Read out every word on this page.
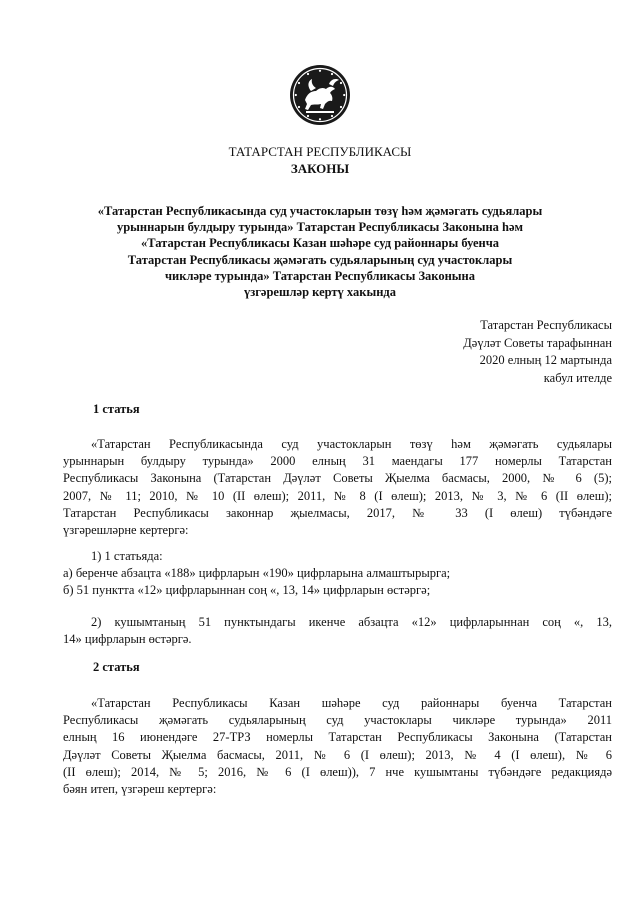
ТАТАРСТАН РЕСПУБЛИКАСЫ
ЗАКОНЫ
«Татарстан Республикасында суд участокларын төзү һәм җәмәгать судьялары
урыннарын булдыру турында» Татарстан Республикасы Законына һәм
«Татарстан Республикасы Казан шәһәре суд районнары буенча
Татарстан Республикасы җәмәгать судьяларының суд участоклары
чикләре турында» Татарстан Республикасы Законына
үзгәрешләр кертү хакында
Татарстан Республикасы
Дәүләт Советы тарафыннан
2020 елның 12 мартында
кабул ителде
1 статья
«Татарстан Республикасында суд участокларын төзү һәм җәмәгать судьялары
урыннарын булдыру турында» 2000 елның 31 маендагы 177 номерлы Татарстан
Республикасы Законына (Татарстан Дәүләт Советы Җыелма басмасы, 2000, № 6 (5);
2007, № 11; 2010, № 10 (II өлеш); 2011, № 8 (I өлеш); 2013, № 3, № 6 (II өлеш);
Татарстан Республикасы законнар җыелмасы, 2017, № 33 (I өлеш) түбәндәге
үзгәрешләрне кертергә:
1) 1 статьяда:
а) беренче абзацта «188» цифрларын «190» цифрларына алмаштырырга;
б) 51 пунктта «12» цифрларыннан соң «, 13, 14» цифрларын өстәргә;
2) кушымтаның 51 пунктындагы икенче абзацта «12» цифрларыннан соң «, 13,
14» цифрларын өстәргә.
2 статья
«Татарстан Республикасы Казан шәһәре суд районнары буенча Татарстан
Республикасы җәмәгать судьяларының суд участоклары чикләре турында» 2011
елның 16 июнендәге 27-ТРЗ номерлы Татарстан Республикасы Законына (Татарстан
Дәүләт Советы Җыелма басмасы, 2011, № 6 (I өлеш); 2013, № 4 (I өлеш), № 6
(II өлеш); 2014, № 5; 2016, № 6 (I өлеш)), 7 нче кушымтаны түбәндәге редакциядә
бәян итеп, үзгәреш кертергә:
